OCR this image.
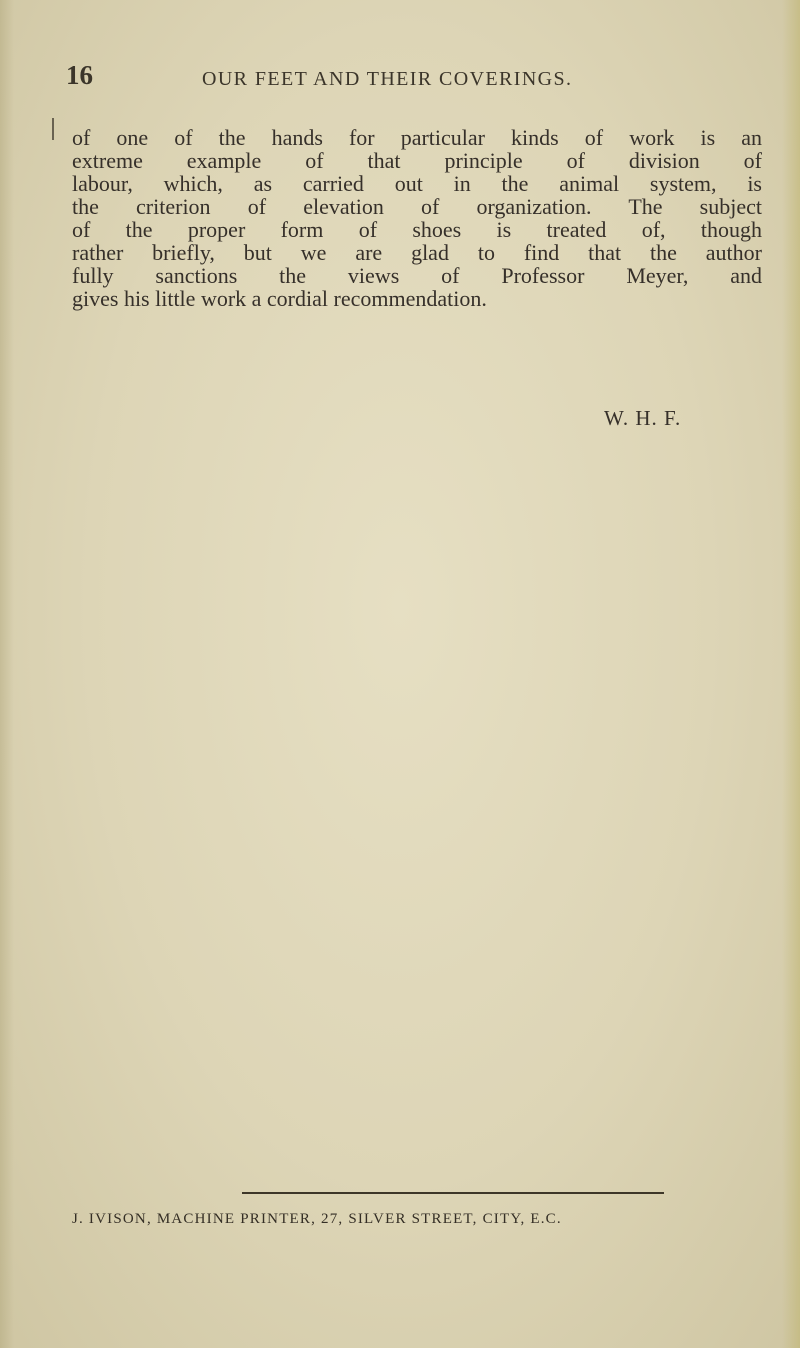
16	OUR FEET AND THEIR COVERINGS.
of one of the hands for particular kinds of work is an
extreme example of that principle of division of
labour, which, as carried out in the animal system, is
the criterion of elevation of organization. The subject
of the proper form of shoes is treated of, though
rather briefly, but we are glad to find that the author
fully sanctions the views of Professor Meyer, and
gives his little work a cordial recommendation.
W. H. F.
J. IVISON, MACHINE PRINTER, 27, SILVER STREET, CITY, E.C.
